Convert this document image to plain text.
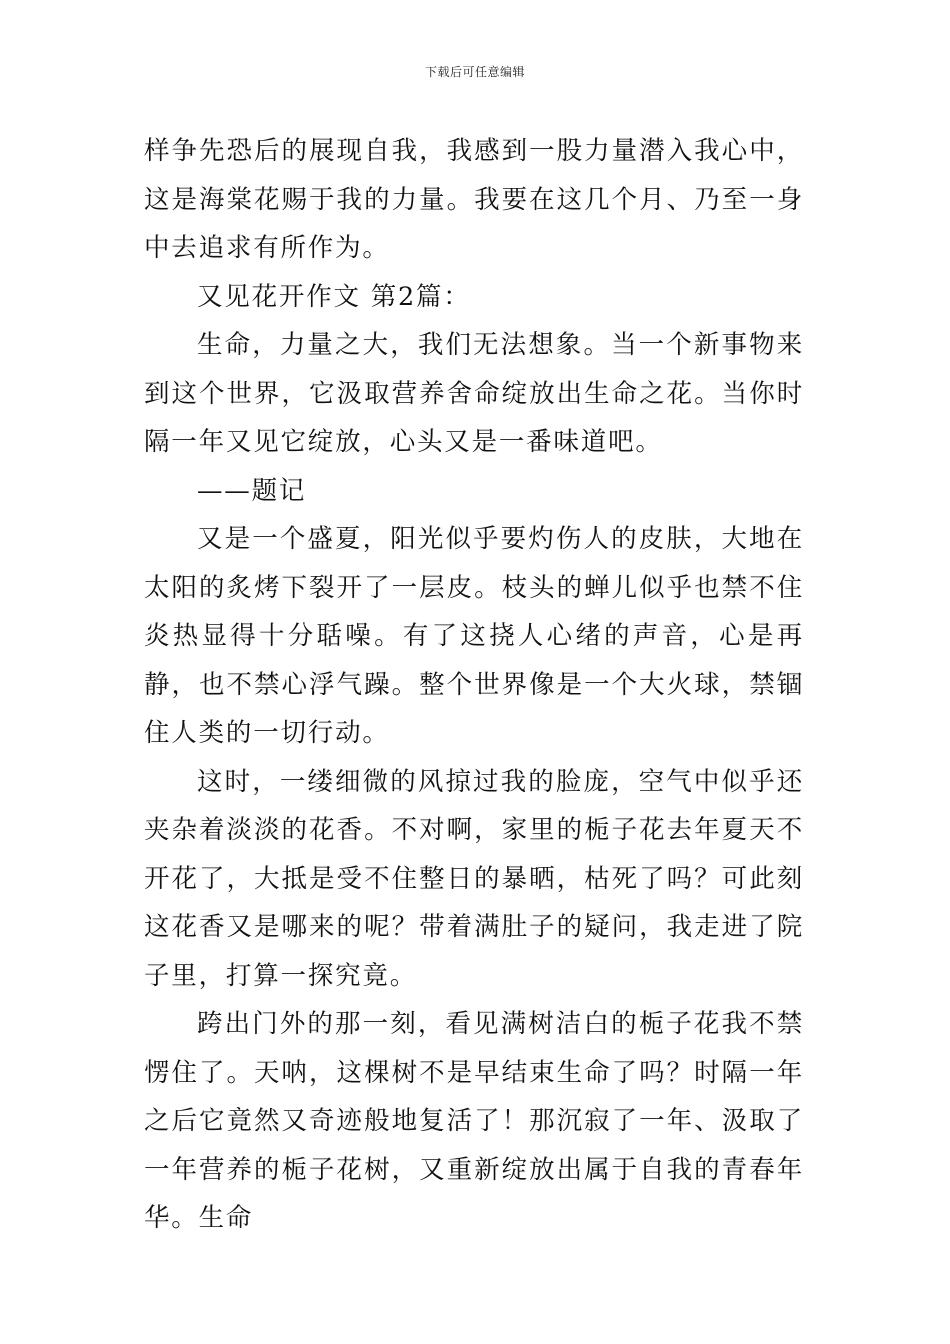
下载后可任意编辑

样争先恐后的展现自我，我感到一股力量潜入我心中，这是海棠花赐于我的力量。我要在这几个月、乃至一身中去追求有所作为。

又见花开作文 第2篇：

生命，力量之大，我们无法想象。当一个新事物来到这个世界，它汲取营养舍命绽放出生命之花。当你时隔一年又见它绽放，心头又是一番味道吧。

——题记

又是一个盛夏，阳光似乎要灼伤人的皮肤，大地在太阳的炙烤下裂开了一层皮。枝头的蝉儿似乎也禁不住炎热显得十分聒噪。有了这挠人心绪的声音，心是再静，也不禁心浮气躁。整个世界像是一个大火球，禁锢住人类的一切行动。

这时，一缕细微的风掠过我的脸庞，空气中似乎还夹杂着淡淡的花香。不对啊，家里的栀子花去年夏天不开花了，大抵是受不住整日的暴晒，枯死了吗？可此刻这花香又是哪来的呢？带着满肚子的疑问，我走进了院子里，打算一探究竟。

跨出门外的那一刻，看见满树洁白的栀子花我不禁愣住了。天呐，这棵树不是早结束生命了吗？时隔一年之后它竟然又奇迹般地复活了！那沉寂了一年、汲取了一年营养的栀子花树，又重新绽放出属于自我的青春年华。生命
